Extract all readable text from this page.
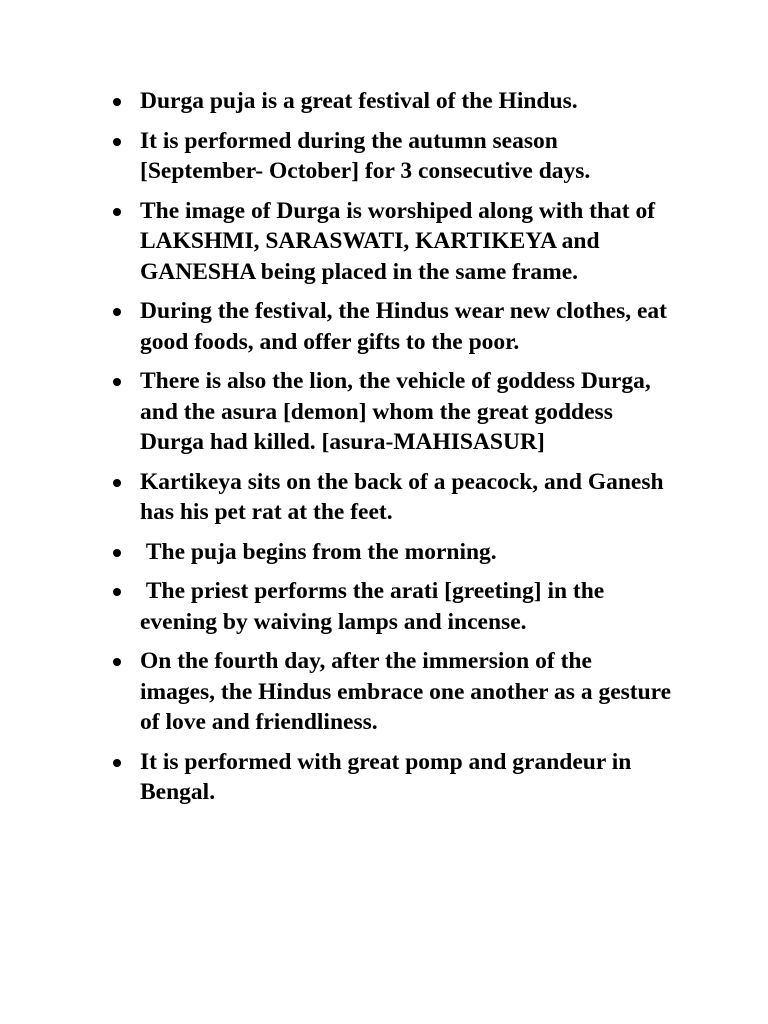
Durga puja is a great festival of the Hindus.
It is performed during the autumn season [September- October] for 3 consecutive days.
The image of Durga is worshiped along with that of LAKSHMI, SARASWATI, KARTIKEYA and GANESHA being placed in the same frame.
During the festival, the Hindus wear new clothes, eat good foods, and offer gifts to the poor.
There is also the lion, the vehicle of goddess Durga, and the asura [demon] whom the great goddess Durga had killed. [asura-MAHISASUR]
Kartikeya sits on the back of a peacock, and Ganesh has his pet rat at the feet.
The puja begins from the morning.
The priest performs the arati [greeting] in the evening by waiving lamps and incense.
On the fourth day, after the immersion of the images, the Hindus embrace one another as a gesture of love and friendliness.
It is performed with great pomp and grandeur in Bengal.
